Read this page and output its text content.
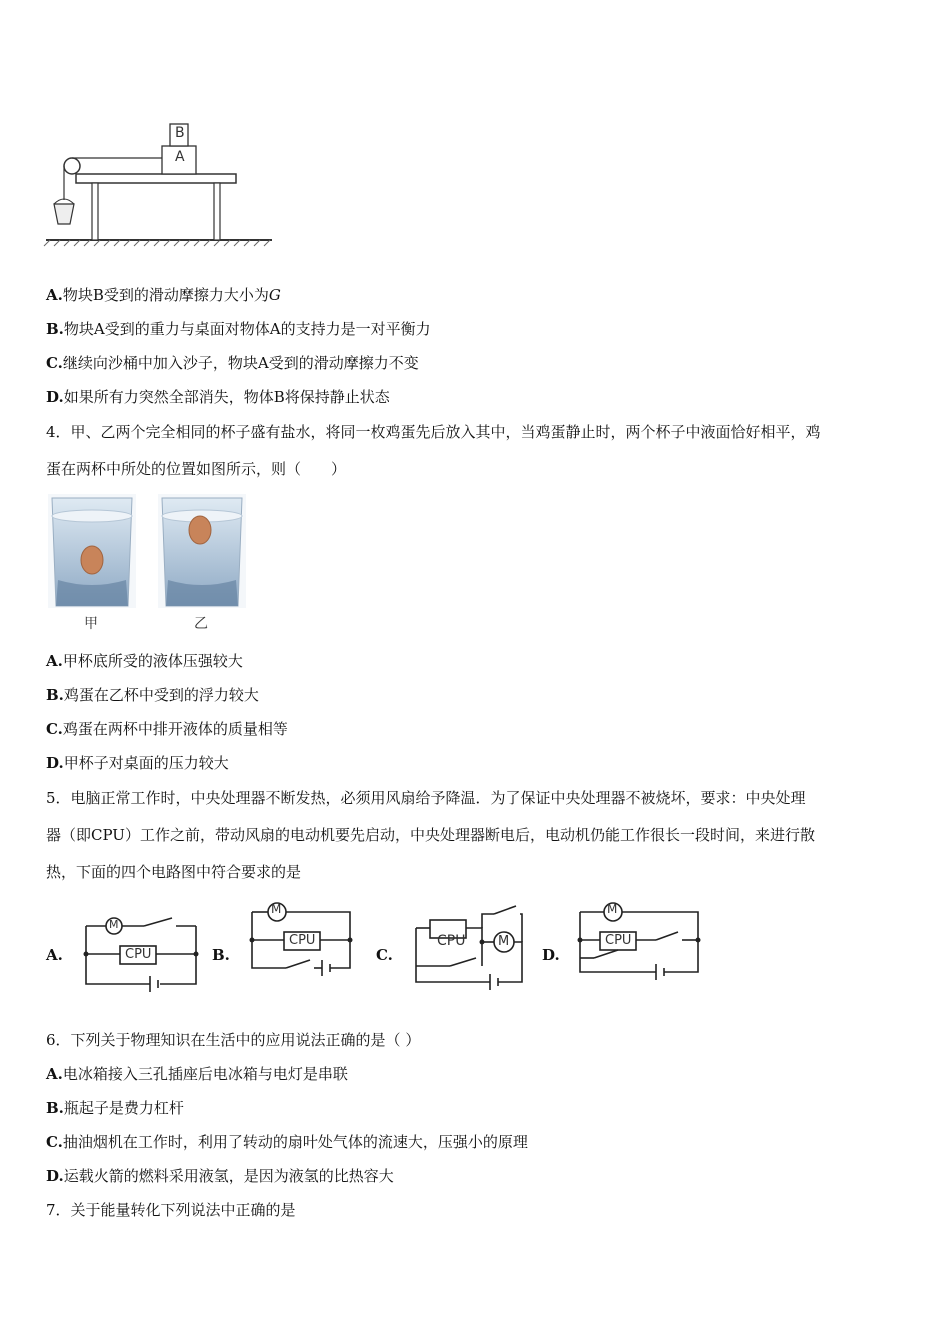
B
A
A.物块B受到的滑动摩擦力大小为G
B.物块A受到的重力与桌面对物体A的支持力是一对平衡力
C.继续向沙桶中加入沙子，物块A受到的滑动摩擦力不变
D.如果所有力突然全部消失，物体B将保持静止状态
4．甲、乙两个完全相同的杯子盛有盐水，将同一枚鸡蛋先后放入其中，当鸡蛋静止时，两个杯子中液面恰好相平，鸡
蛋在两杯中所处的位置如图所示，则（　　）
甲	乙
A.甲杯底所受的液体压强较大
B.鸡蛋在乙杯中受到的浮力较大
C.鸡蛋在两杯中排开液体的质量相等
D.甲杯子对桌面的压力较大
5．电脑正常工作时，中央处理器不断发热，必须用风扇给予降温．为了保证中央处理器不被烧坏，要求：中央处理
器（即CPU）工作之前，带动风扇的电动机要先启动，中央处理器断电后，电动机仍能工作很长一段时间，来进行散
热，下面的四个电路图中符合要求的是
A.	B.	C.	D.
M
CPU
M
CPU	M
CPU
M
CPU
6．下列关于物理知识在生活中的应用说法正确的是（ ）
A.电冰箱接入三孔插座后电冰箱与电灯是串联
B.瓶起子是费力杠杆
C.抽油烟机在工作时，利用了转动的扇叶处气体的流速大，压强小的原理
D.运载火箭的燃料采用液氢，是因为液氢的比热容大
7．关于能量转化下列说法中正确的是
